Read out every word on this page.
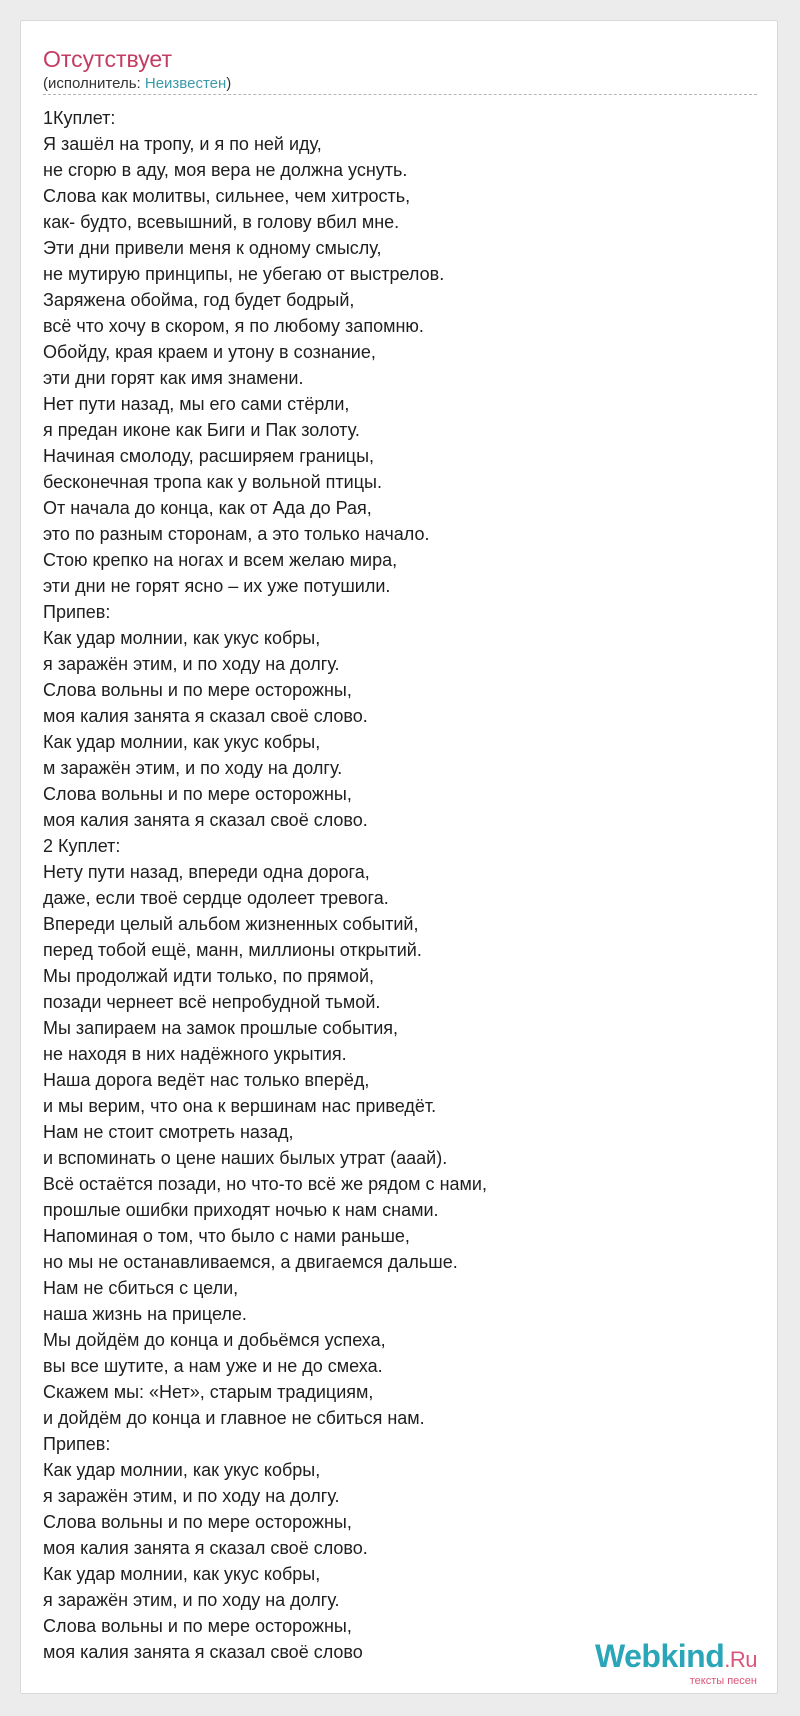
Отсутствует
(исполнитель: Неизвестен)
1Куплет:
Я зашёл на тропу, и я по ней иду,
не сгорю в аду, моя вера не должна уснуть.
Слова как молитвы, сильнее, чем хитрость,
как- будто, всевышний, в голову вбил мне.
Эти дни привели меня к одному смыслу,
не мутирую принципы, не убегаю от выстрелов.
Заряжена обойма, год будет бодрый,
всё что хочу в скором, я по любому запомню.
Обойду, края краем и утону в сознание,
эти дни горят как имя знамени.
Нет пути назад, мы его сами стёрли,
я предан иконе как Биги и Пак золоту.
Начиная смолоду, расширяем границы,
бесконечная тропа как у вольной птицы.
От начала до конца, как от Ада до Рая,
это по разным сторонам, а это только начало.
Стою крепко на ногах и всем желаю мира,
эти дни не горят ясно – их уже потушили.
Припев:
Как удар молнии, как укус кобры,
я заражён этим, и по ходу на долгу.
Слова вольны и по мере осторожны,
моя калия занята я сказал своё слово.
Как удар молнии, как укус кобры,
м заражён этим, и по ходу на долгу.
Слова вольны и по мере осторожны,
моя калия занята я сказал своё слово.
2 Куплет:
Нету пути назад, впереди одна дорога,
даже, если твоё сердце одолеет тревога.
Впереди целый альбом жизненных событий,
перед тобой ещё, манн, миллионы открытий.
Мы продолжай идти только, по прямой,
позади чернеет всё непробудной тьмой.
Мы запираем на замок прошлые события,
не находя в них надёжного укрытия.
Наша дорога ведёт нас только вперёд,
и мы верим, что она к вершинам нас приведёт.
Нам не стоит смотреть назад,
и вспоминать о цене наших былых утрат (ааай).
Всё остаётся позади, но что-то всё же рядом с нами,
прошлые ошибки приходят ночью к нам снами.
Напоминая о том, что было с нами раньше,
но мы не останавливаемся, а двигаемся дальше.
Нам не сбиться с цели,
наша жизнь на прицеле.
Мы дойдём до конца и добьёмся успеха,
вы все шутите, а нам уже и не до смеха.
Скажем мы: «Нет», старым традициям,
и дойдём до конца и главное не сбиться нам.
Припев:
Как удар молнии, как укус кобры,
я заражён этим, и по ходу на долгу.
Слова вольны и по мере осторожны,
моя калия занята я сказал своё слово.
Как удар молнии, как укус кобры,
я заражён этим, и по ходу на долгу.
Слова вольны и по мере осторожны,
моя калия занята я сказал своё слово	Webkind.Ru
тексты песен
